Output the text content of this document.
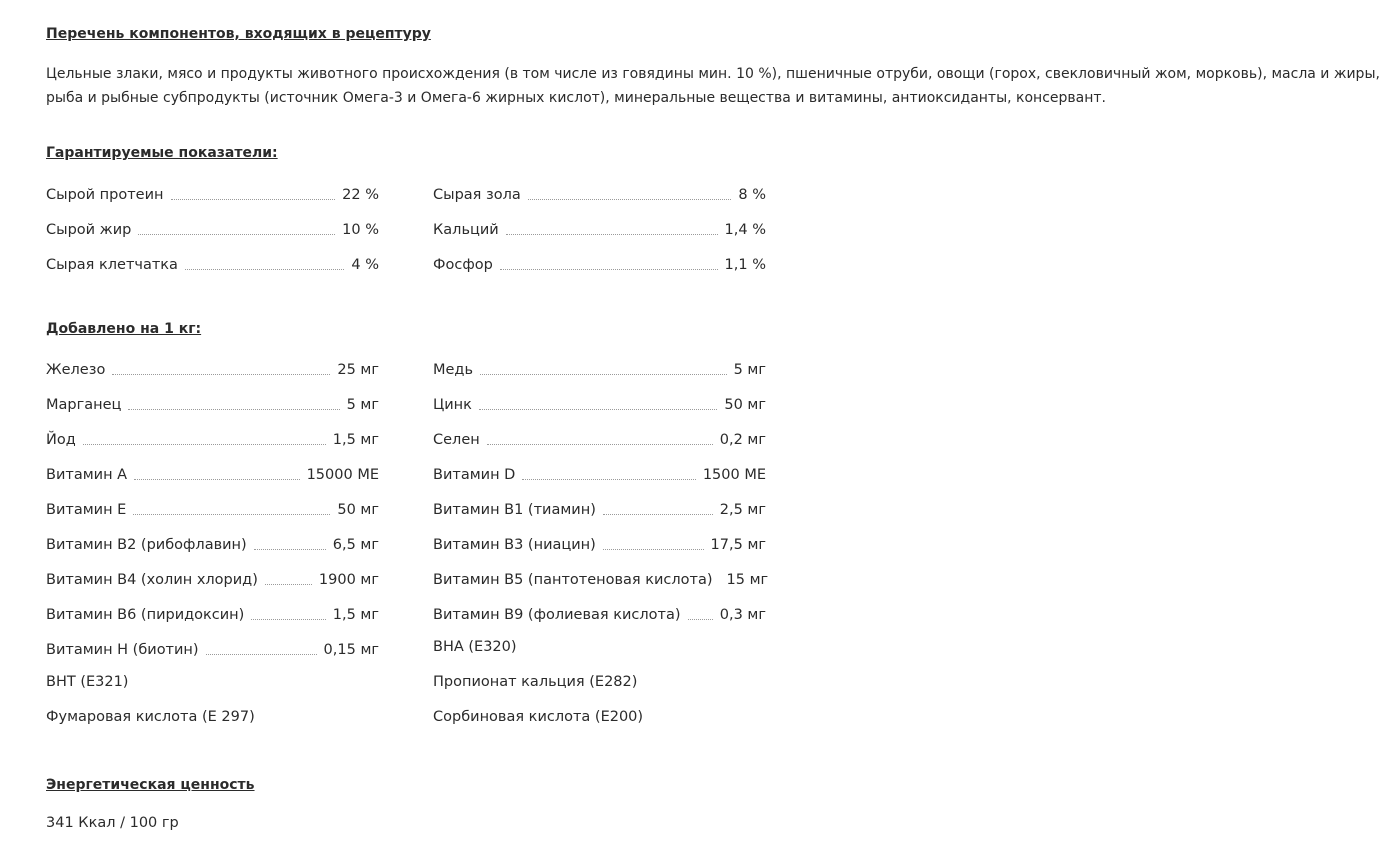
Перечень компонентов, входящих в рецептуру
Цельные злаки, мясо и продукты животного происхождения (в том числе из говядины мин. 10 %), пшеничные отруби, овощи (горох, свекловичный жом, морковь), масла и жиры, рыба и рыбные субпродукты (источник Омега-3 и Омега-6 жирных кислот), минеральные вещества и витамины, антиоксиданты, консервант.
Гарантируемые показатели:
Сырой протеин	22 %	Сырая зола	8 %
Сырой жир	10 %	Кальций	1,4 %
Сырая клетчатка	4 %	Фосфор	1,1 %
Добавлено на 1 кг:
Железо	25 мг	Медь	5 мг
Марганец	5 мг	Цинк	50 мг
Йод	1,5 мг	Селен	0,2 мг
Витамин A	15000 МЕ	Витамин D	1500 МЕ
Витамин E	50 мг	Витамин B1 (тиамин)	2,5 мг
Витамин B2 (рибофлавин)	6,5 мг	Витамин B3 (ниацин)	17,5 мг
Витамин B4 (холин хлорид)	1900 мг	Витамин B5 (пантотеновая кислота) 15 мг
Витамин B6 (пиридоксин)	1,5 мг	Витамин B9 (фолиевая кислота)	0,3 мг
Витамин H (биотин)	0,15 мг	BHA (E320)
BHT (E321)	Пропионат кальция (E282)
Фумаровая кислота (Е 297)	Сорбиновая кислота (E200)
Энергетическая ценность
341 Ккал / 100 гр
